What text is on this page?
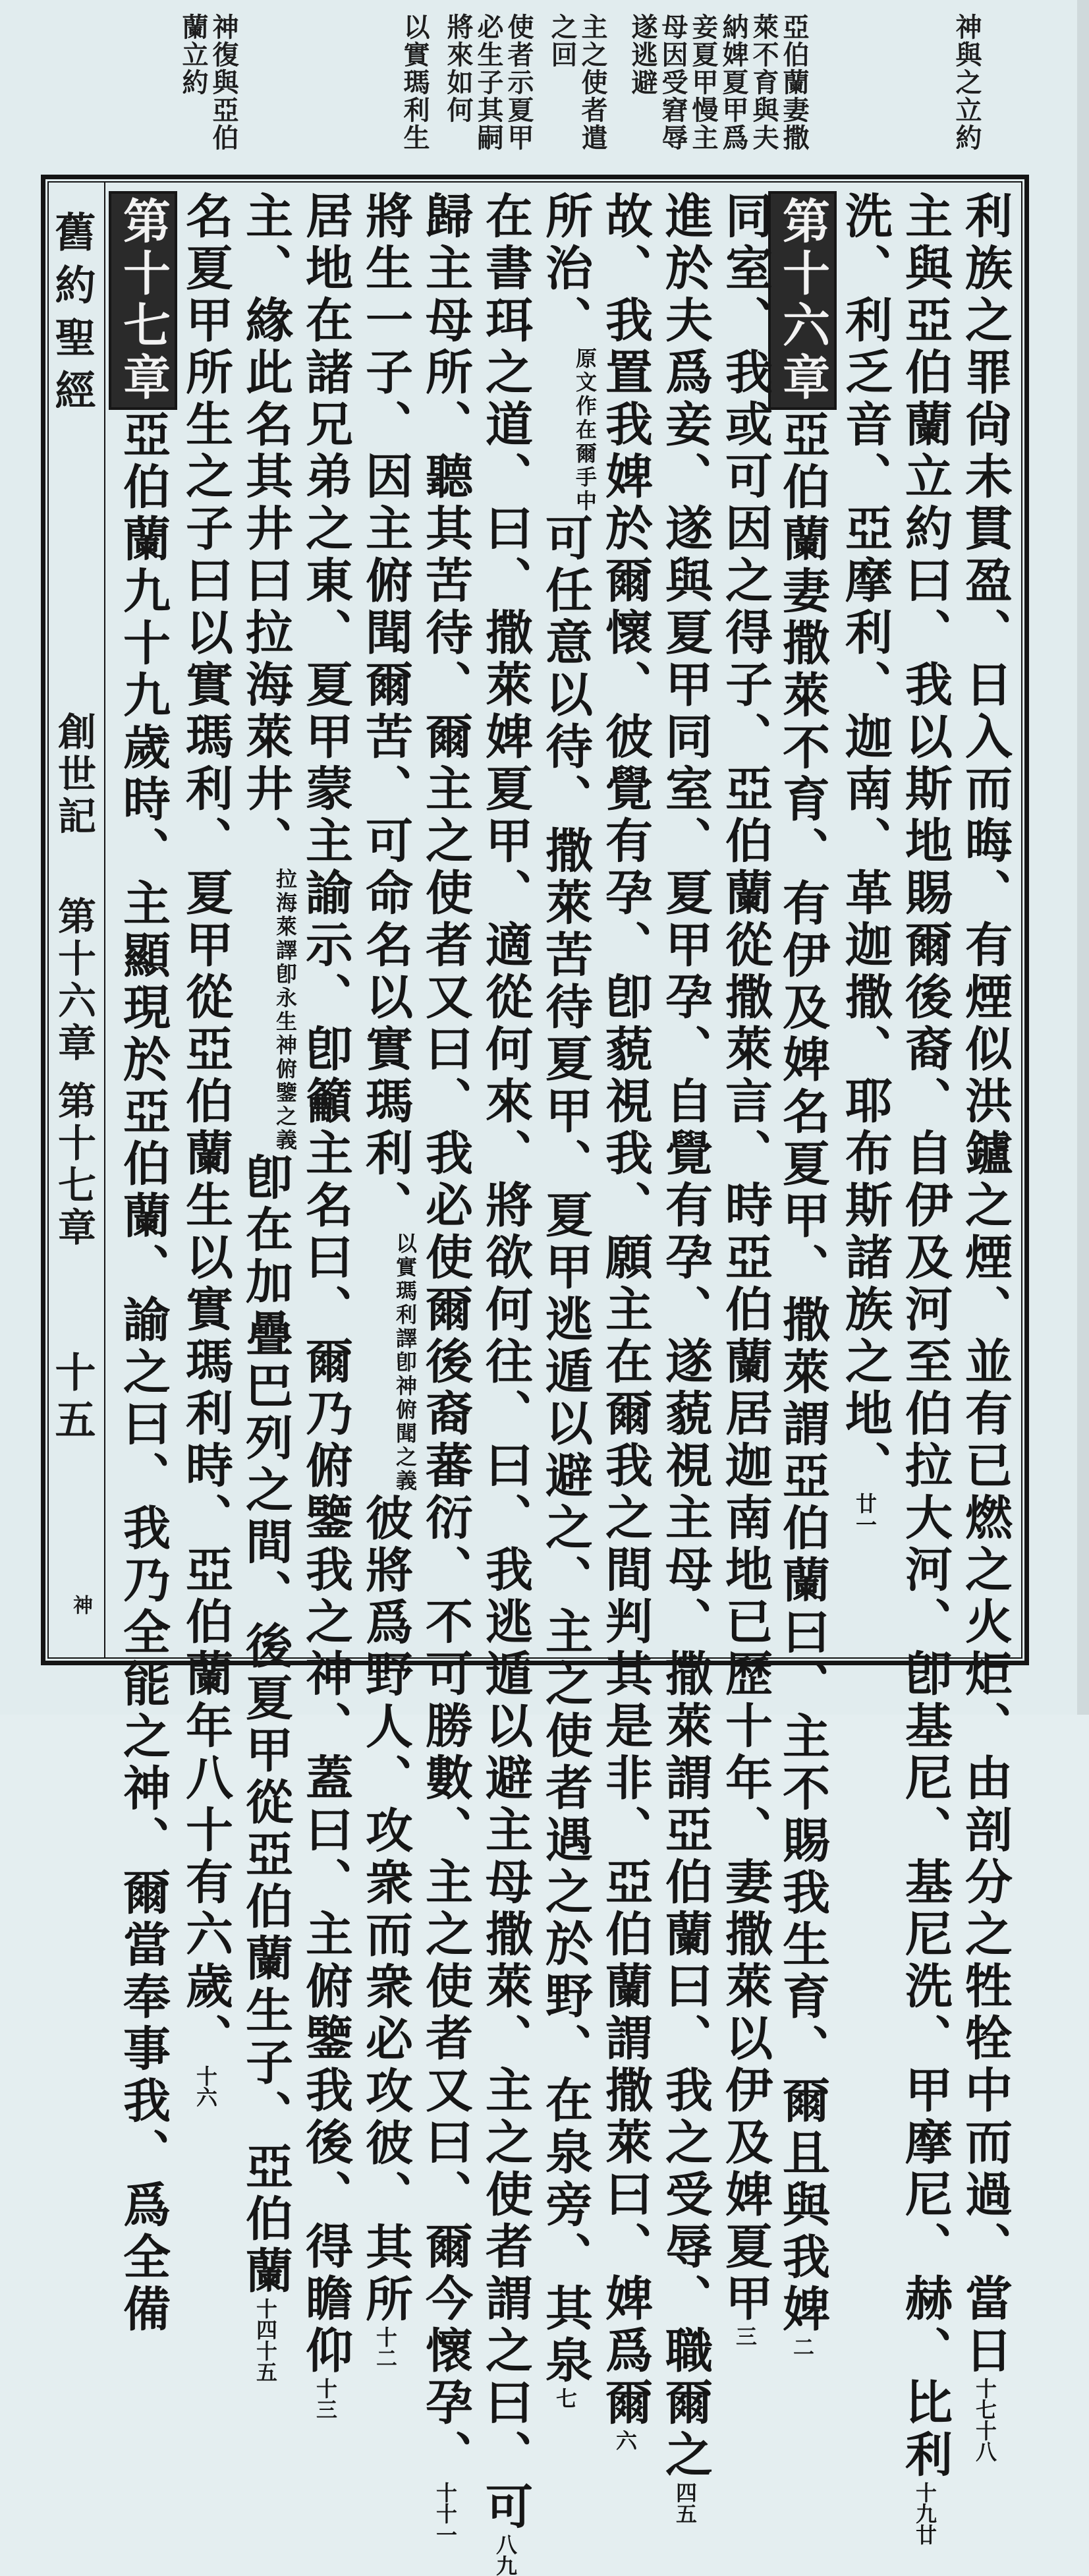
神與之立約
亞伯蘭妻撒
萊不育與夫
納婢夏甲爲
妾夏甲慢主
母因受窘辱
遂逃避
主之使者遣
之回
使者示夏甲
必生子其嗣
將來如何
以實瑪利生
神復與亞伯
蘭立約
舊約聖經
創世記
第十六章
第十七章
十五
神	利族之罪尙未貫盈、日入而晦、有煙似洪鑪之煙、並有已燃之火炬、由剖分之牲牷中而過、當日十七十八
主與亞伯蘭立約曰、我以斯地賜爾後裔、自伊及河至伯拉大河、卽基尼、基尼洗、甲摩尼、赫、比利十九廿
洗、利乏音、亞摩利、迦南、革迦撒、耶布斯諸族之地、廿一
第十六章亞伯蘭妻撒萊不育、有伊及婢名夏甲、撒萊謂亞伯蘭曰、主不賜我生育、爾且與我婢二
同室、我或可因之得子、亞伯蘭從撒萊言、時亞伯蘭居迦南地已歷十年、妻撒萊以伊及婢夏甲三
進於夫爲妾、遂與夏甲同室、夏甲孕、自覺有孕、遂藐視主母、撒萊謂亞伯蘭曰、我之受辱、職爾之四五
故、我置我婢於爾懷、彼覺有孕、卽藐視我、願主在爾我之間判其是非、亞伯蘭謂撒萊曰、婢爲爾六
所治、原文作在爾手中可任意以待、撒萊苦待夏甲、夏甲逃遁以避之、主之使者遇之於野、在泉旁、其泉七
在書珥之道、曰、撒萊婢夏甲、適從何來、將欲何往、曰、我逃遁以避主母撒萊、主之使者謂之曰、可八九
歸主母所、聽其苦待、爾主之使者又曰、我必使爾後裔蕃衍、不可勝數、主之使者又曰、爾今懷孕、十十一
將生一子、因主俯聞爾苦、可命名以實瑪利、以實瑪利譯卽神俯聞之義彼將爲野人、攻衆而衆必攻彼、其所十二
居地在諸兄弟之東、夏甲蒙主諭示、卽籲主名曰、爾乃俯鑒我之神、蓋曰、主俯鑒我後、得瞻仰十三
主、緣此名其井曰拉海萊井、拉海萊譯卽永生神俯鑒之義卽在加疊巴列之間、後夏甲從亞伯蘭生子、亞伯蘭十四十五
名夏甲所生之子曰以實瑪利、夏甲從亞伯蘭生以實瑪利時、亞伯蘭年八十有六歲、十六
第十七章亞伯蘭九十九歲時、主顯現於亞伯蘭、諭之曰、我乃全能之神、爾當奉事我、爲全備
